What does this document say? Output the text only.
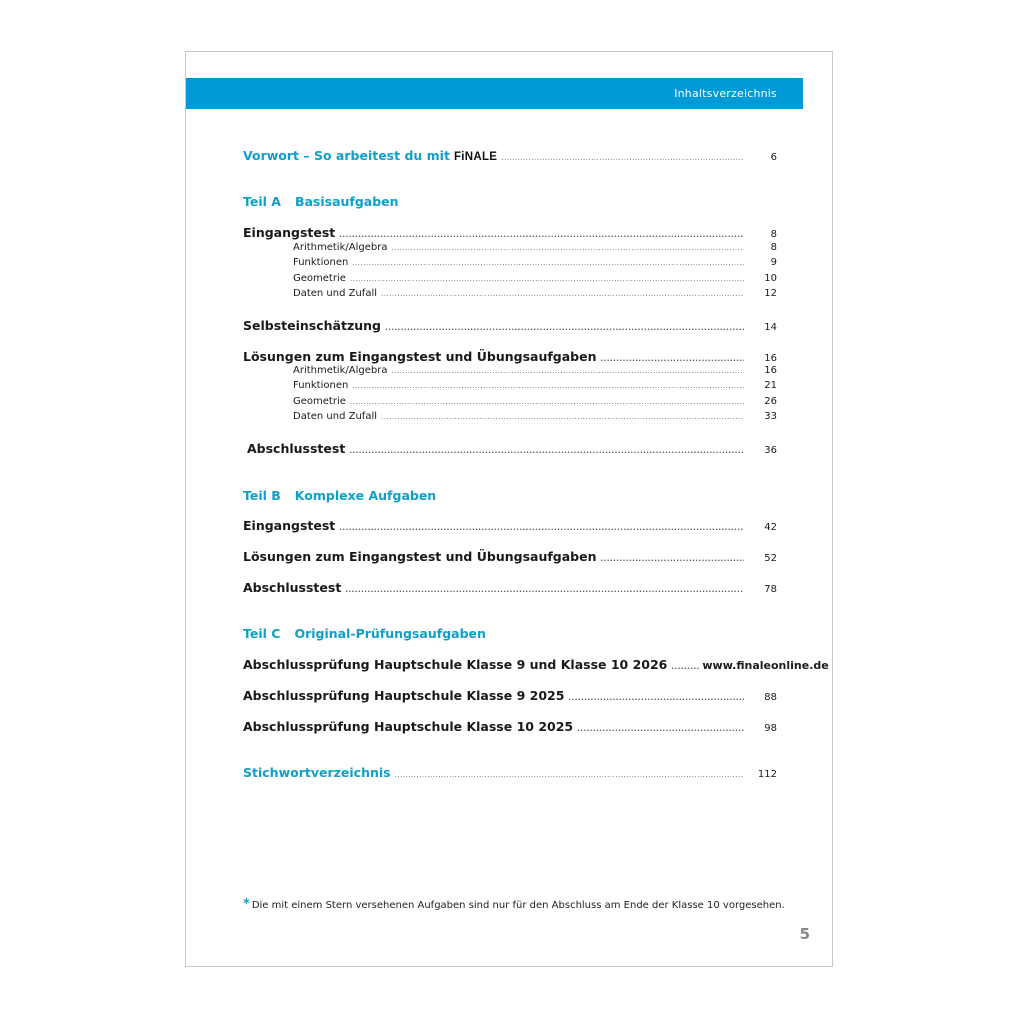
Inhaltsverzeichnis
Vorwort – So arbeitest du mit FiNALE .....	6
Teil A Basisaufgaben
Eingangstest .....	8
Arithmetik/Algebra .....	8
Funktionen .....	9
Geometrie .....	10
Daten und Zufall .....	12
Selbsteinschätzung .....	14
Lösungen zum Eingangstest und Übungsaufgaben .....	16
Arithmetik/Algebra .....	16
Funktionen .....	21
Geometrie .....	26
Daten und Zufall .....	33
Abschlusstest .....	36
Teil B Komplexe Aufgaben
Eingangstest .....	42
Lösungen zum Eingangstest und Übungsaufgaben .....	52
Abschlusstest .....	78
Teil C Original-Prüfungsaufgaben
Abschlussprüfung Hauptschule Klasse 9 und Klasse 10 2026 .....	www.finaleonline.de
Abschlussprüfung Hauptschule Klasse 9 2025 .....	88
Abschlussprüfung Hauptschule Klasse 10 2025 .....	98
Stichwortverzeichnis .....	112
* Die mit einem Stern versehenen Aufgaben sind nur für den Abschluss am Ende der Klasse 10 vorgesehen.
5
